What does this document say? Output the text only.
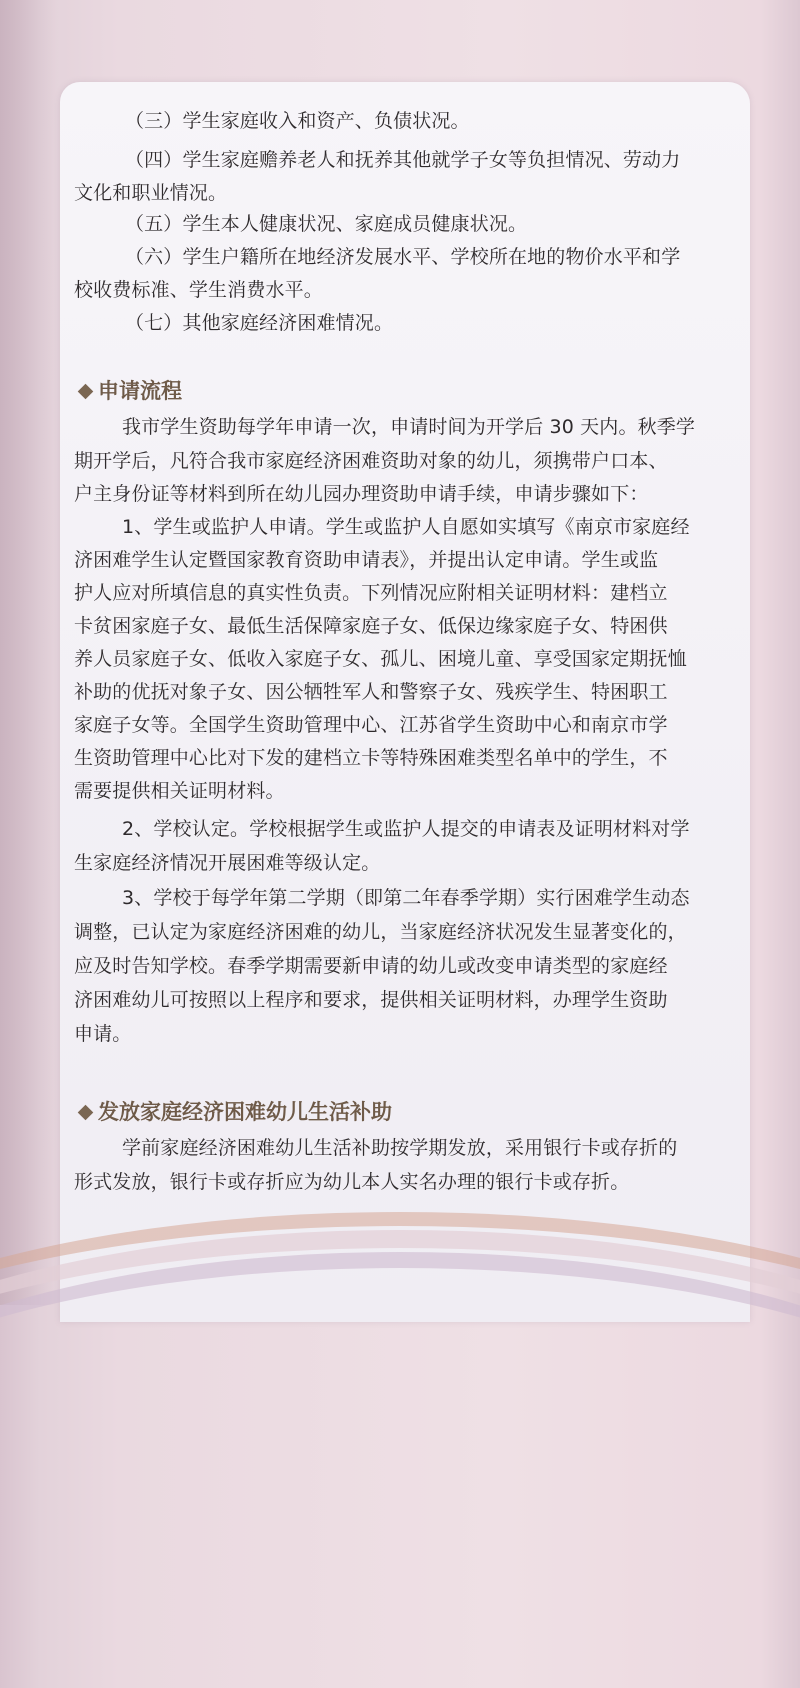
（三）学生家庭收入和资产、负债状况。

（四）学生家庭赡养老人和抚养其他就学子女等负担情况、劳动力

文化和职业情况。

（五）学生本人健康状况、家庭成员健康状况。

（六）学生户籍所在地经济发展水平、学校所在地的物价水平和学

校收费标准、学生消费水平。

（七）其他家庭经济困难情况。

申请流程

我市学生资助每学年申请一次，申请时间为开学后 30 天内。秋季学

期开学后，凡符合我市家庭经济困难资助对象的幼儿，须携带户口本、

户主身份证等材料到所在幼儿园办理资助申请手续，申请步骤如下：

1、学生或监护人申请。学生或监护人自愿如实填写《南京市家庭经

济困难学生认定暨国家教育资助申请表》，并提出认定申请。学生或监

护人应对所填信息的真实性负责。下列情况应附相关证明材料：建档立

卡贫困家庭子女、最低生活保障家庭子女、低保边缘家庭子女、特困供

养人员家庭子女、低收入家庭子女、孤儿、困境儿童、享受国家定期抚恤

补助的优抚对象子女、因公牺牲军人和警察子女、残疾学生、特困职工

家庭子女等。全国学生资助管理中心、江苏省学生资助中心和南京市学

生资助管理中心比对下发的建档立卡等特殊困难类型名单中的学生，不

需要提供相关证明材料。

2、学校认定。学校根据学生或监护人提交的申请表及证明材料对学

生家庭经济情况开展困难等级认定。

3、学校于每学年第二学期（即第二年春季学期）实行困难学生动态

调整，已认定为家庭经济困难的幼儿，当家庭经济状况发生显著变化的，

应及时告知学校。春季学期需要新申请的幼儿或改变申请类型的家庭经

济困难幼儿可按照以上程序和要求，提供相关证明材料，办理学生资助

申请。

发放家庭经济困难幼儿生活补助

学前家庭经济困难幼儿生活补助按学期发放，采用银行卡或存折的

形式发放，银行卡或存折应为幼儿本人实名办理的银行卡或存折。
